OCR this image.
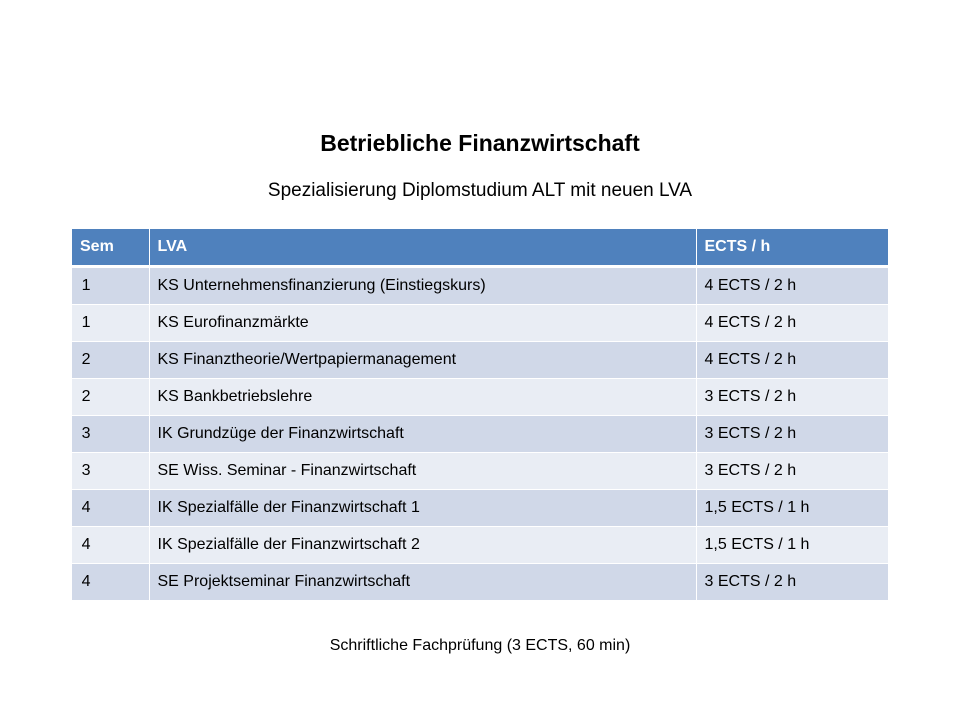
Betriebliche Finanzwirtschaft
Spezialisierung Diplomstudium ALT mit neuen LVA
Sem	LVA	ECTS / h
1	KS Unternehmensfinanzierung (Einstiegskurs)	4 ECTS / 2 h
1	KS Eurofinanzmärkte	4 ECTS / 2 h
2	KS Finanztheorie/Wertpapiermanagement	4 ECTS / 2 h
2	KS Bankbetriebslehre	3 ECTS / 2 h
3	IK Grundzüge der Finanzwirtschaft	3 ECTS / 2 h
3	SE Wiss. Seminar - Finanzwirtschaft	3 ECTS / 2 h
4	IK Spezialfälle der Finanzwirtschaft 1	1,5 ECTS / 1 h
4	IK Spezialfälle der Finanzwirtschaft 2	1,5 ECTS / 1 h
4	SE Projektseminar Finanzwirtschaft	3 ECTS / 2 h
Schriftliche Fachprüfung (3 ECTS, 60 min)
